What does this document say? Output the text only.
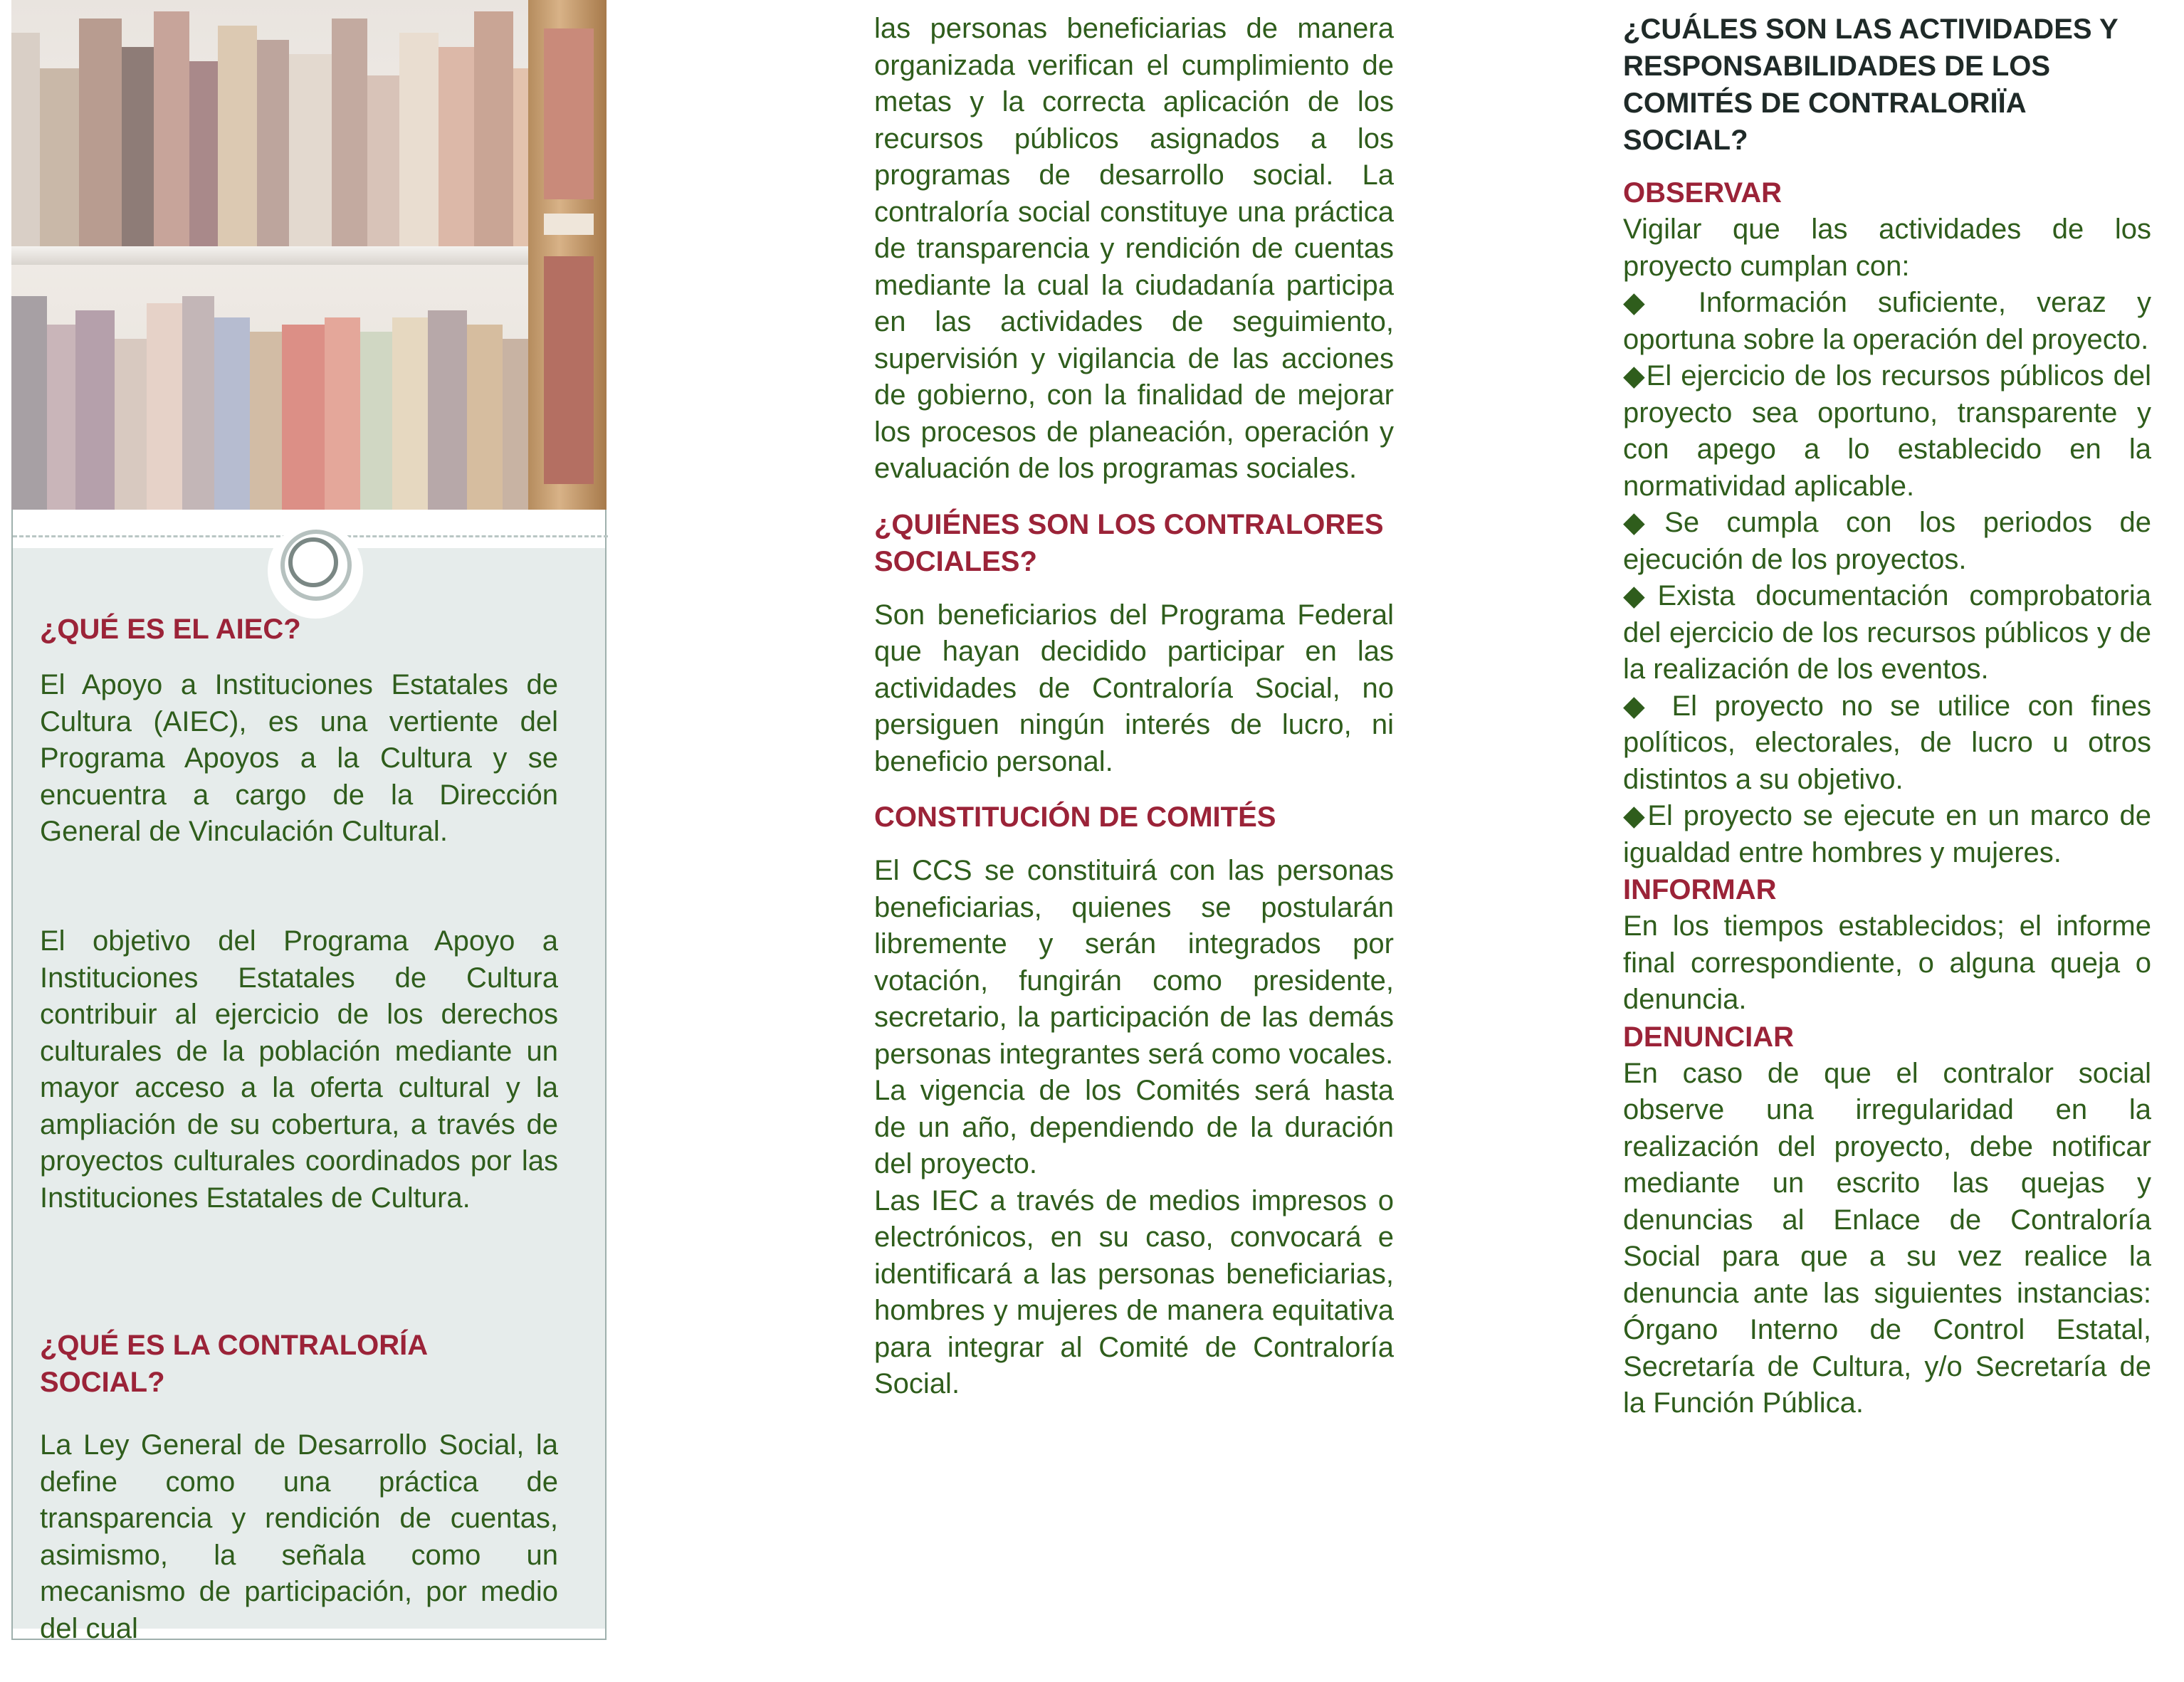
¿QUÉ ES EL AIEC?

El Apoyo a Instituciones Estatales de Cultura (AIEC), es una vertiente del Programa Apoyos a la Cultura y se encuentra a cargo de la Dirección General de Vinculación Cultural.

El objetivo del Programa Apoyo a Instituciones Estatales de Cultura contribuir al ejercicio de los derechos culturales de la población mediante un mayor acceso a la oferta cultural y la ampliación de su cobertura, a través de proyectos culturales coordinados por las Instituciones Estatales de Cultura.

¿QUÉ ES LA CONTRALORÍA SOCIAL?

La Ley General de Desarrollo Social, la define como una práctica de transparencia y rendición de cuentas, asimismo, la señala como un mecanismo de participación, por medio del cual

las personas beneficiarias de manera organizada verifican el cumplimiento de metas y la correcta aplicación de los recursos públicos asignados a los programas de desarrollo social. La contraloría social constituye una práctica de transparencia y rendición de cuentas mediante la cual la ciudadanía participa en las actividades de seguimiento, supervisión y vigilancia de las acciones de gobierno, con la finalidad de mejorar los procesos de planeación, operación y evaluación de los programas sociales.

¿QUIÉNES SON LOS CONTRALORES SOCIALES?

Son beneficiarios del Programa Federal que hayan decidido participar en las actividades de Contraloría Social, no persiguen ningún interés de lucro, ni beneficio personal.

CONSTITUCIÓN DE COMITÉS

El CCS se constituirá con las personas beneficiarias, quienes se postularán libremente y serán integrados por votación, fungirán como presidente, secretario, la participación de las demás personas integrantes será como vocales.

La vigencia de los Comités será hasta de un año, dependiendo de la duración del proyecto.

Las IEC a través de medios impresos o electrónicos, en su caso, convocará e identificará a las personas beneficiarias, hombres y mujeres de manera equitativa para integrar al Comité de Contraloría Social.

¿CUÁLES SON LAS ACTIVIDADES Y RESPONSABILIDADES DE LOS COMITÉS DE CONTRALORIÏA SOCIAL?
OBSERVAR

Vigilar que las actividades de los proyecto cumplan con:

◆ Información suficiente, veraz y oportuna sobre la operación del proyecto.

◆El ejercicio de los recursos públicos del proyecto sea oportuno, transparente y con apego a lo establecido en la normatividad aplicable.

◆Se cumpla con los periodos de ejecución de los proyectos.

◆Exista documentación comprobatoria del ejercicio de los recursos públicos y de la realización de los eventos.

◆ El proyecto no se utilice con fines políticos, electorales, de lucro u otros distintos a su objetivo.

◆El proyecto se ejecute en un marco de igualdad entre hombres y mujeres.

INFORMAR

En los tiempos establecidos; el informe final correspondiente, o alguna queja o denuncia.

DENUNCIAR

En caso de que el contralor social observe una irregularidad en la realización del proyecto, debe notificar mediante un escrito las quejas y denuncias al Enlace de Contraloría Social para que a su vez realice la denuncia ante las siguientes instancias: Órgano Interno de Control Estatal, Secretaría de Cultura, y/o Secretaría de la Función Pública.
